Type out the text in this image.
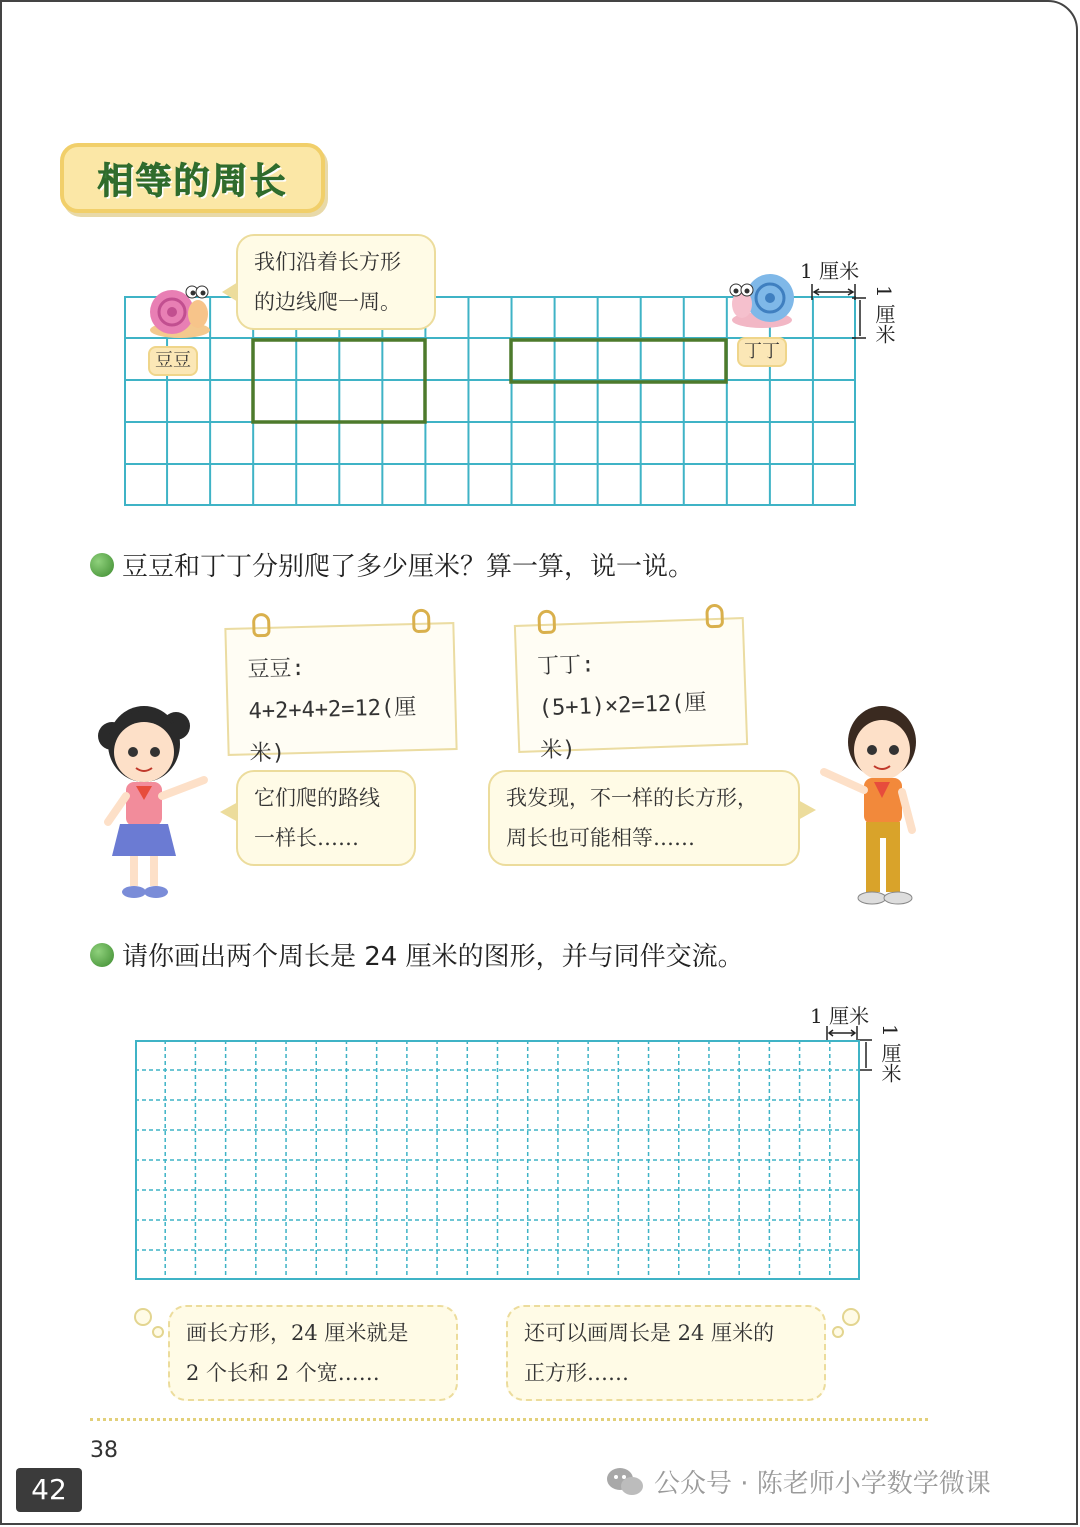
相等的周长
1 厘米
1 厘米
豆豆	丁丁
我们沿着长方形
的边线爬一周。
豆豆和丁丁分别爬了多少厘米？算一算，说一说。
豆豆:
4+2+4+2=12(厘米)
丁丁:
(5+1)×2=12(厘米)
它们爬的路线
一样长……
我发现，不一样的长方形，
周长也可能相等……
请你画出两个周长是 24 厘米的图形，并与同伴交流。
1 厘米
1 厘米
画长方形，24 厘米就是
2 个长和 2 个宽……
还可以画周长是 24 厘米的
正方形……
38
42	公众号 · 陈老师小学数学微课
